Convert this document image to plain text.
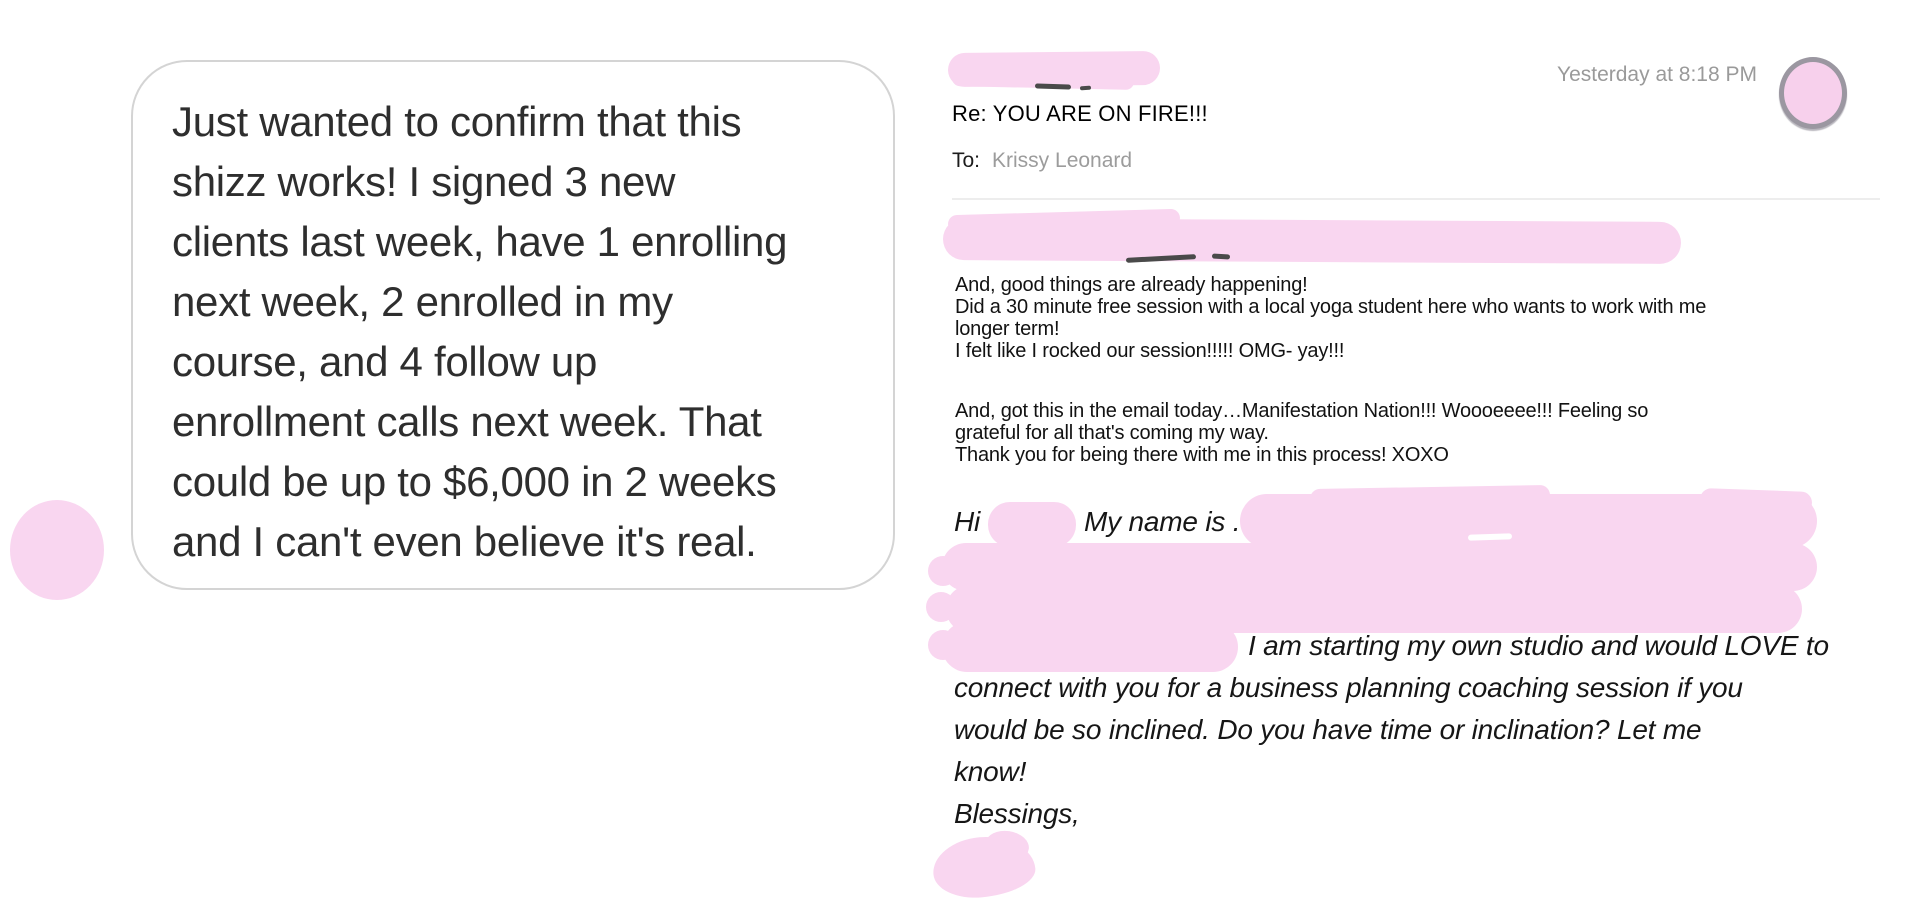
Just wanted to confirm that this
shizz works! I signed 3 new
clients last week, have 1 enrolling
next week, 2 enrolled in my
course, and 4 follow up
enrollment calls next week. That
could be up to $6,000 in 2 weeks
and I can't even believe it's real.
Yesterday at 8:18 PM
Re: YOU ARE ON FIRE!!!
To: Krissy Leonard
And, good things are already happening!
Did a 30 minute free session with a local yoga student here who wants to work with me
longer term!
I felt like I rocked our session!!!!! OMG- yay!!!
And, got this in the email today…Manifestation Nation!!! Woooeeee!!! Feeling so
grateful for all that's coming my way.
Thank you for being there with me in this process! XOXO
Hi	My name is .
I am starting my own studio and would LOVE to
connect with you for a business planning coaching session if you
would be so inclined. Do you have time or inclination? Let me
know!
Blessings,
